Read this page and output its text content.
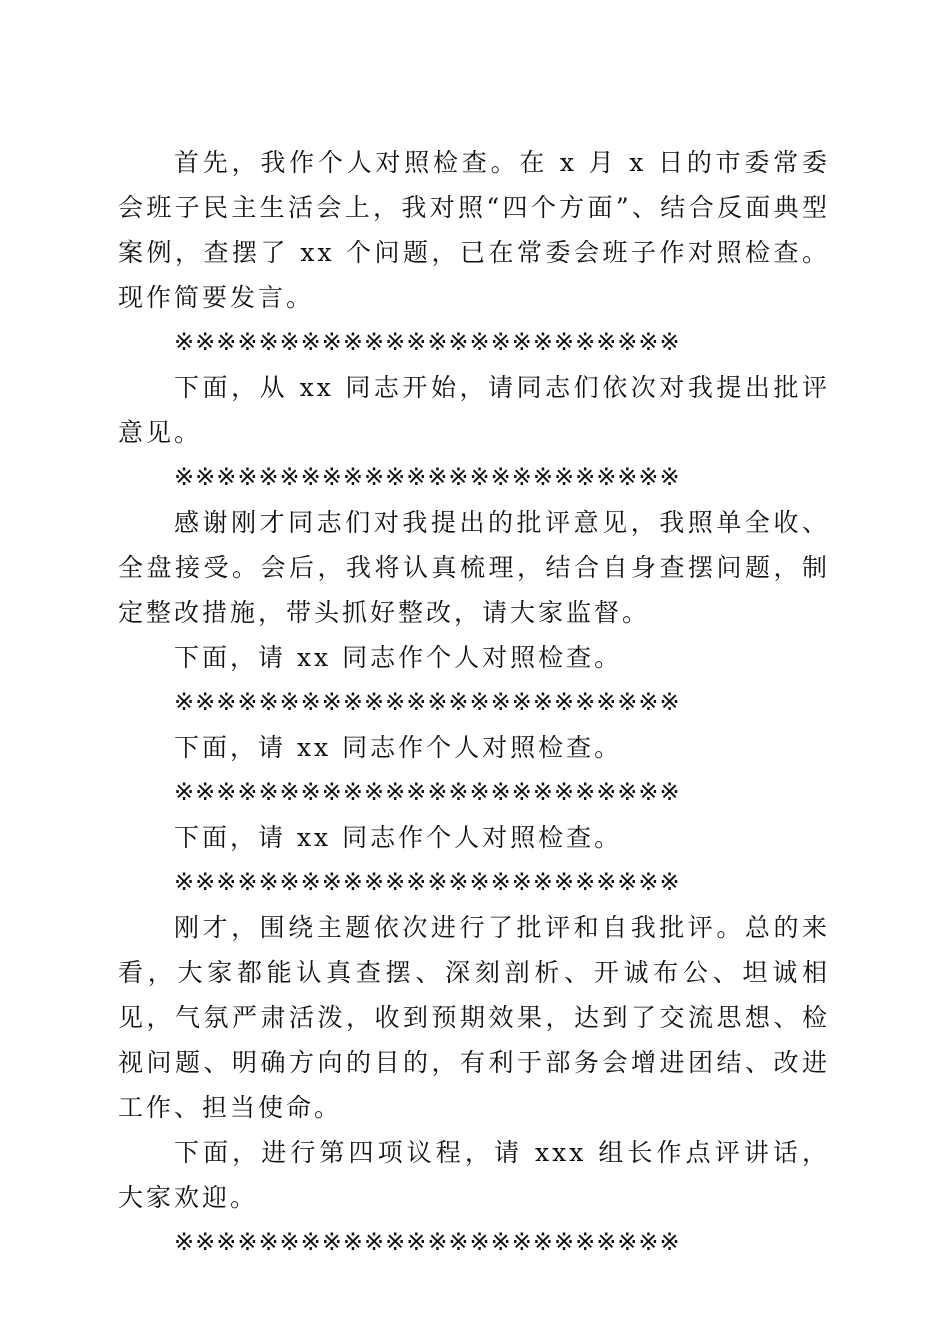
首先，我作个人对照检查。在 x 月 x 日的市委常委会班子民主生活会上，我对照“四个方面”、结合反面典型案例，查摆了 xx 个问题，已在常委会班子作对照检查。现作简要发言。

※※※※※※※※※※※※※※※※※※※※※※※※

下面，从 xx 同志开始，请同志们依次对我提出批评意见。

※※※※※※※※※※※※※※※※※※※※※※※※

感谢刚才同志们对我提出的批评意见，我照单全收、全盘接受。会后，我将认真梳理，结合自身查摆问题，制定整改措施，带头抓好整改，请大家监督。

下面，请 xx 同志作个人对照检查。

※※※※※※※※※※※※※※※※※※※※※※※※

下面，请 xx 同志作个人对照检查。

※※※※※※※※※※※※※※※※※※※※※※※※

下面，请 xx 同志作个人对照检查。

※※※※※※※※※※※※※※※※※※※※※※※※

刚才，围绕主题依次进行了批评和自我批评。总的来看，大家都能认真查摆、深刻剖析、开诚布公、坦诚相见，气氛严肃活泼，收到预期效果，达到了交流思想、检视问题、明确方向的目的，有利于部务会增进团结、改进工作、担当使命。

下面，进行第四项议程，请 xxx 组长作点评讲话，大家欢迎。

※※※※※※※※※※※※※※※※※※※※※※※※
